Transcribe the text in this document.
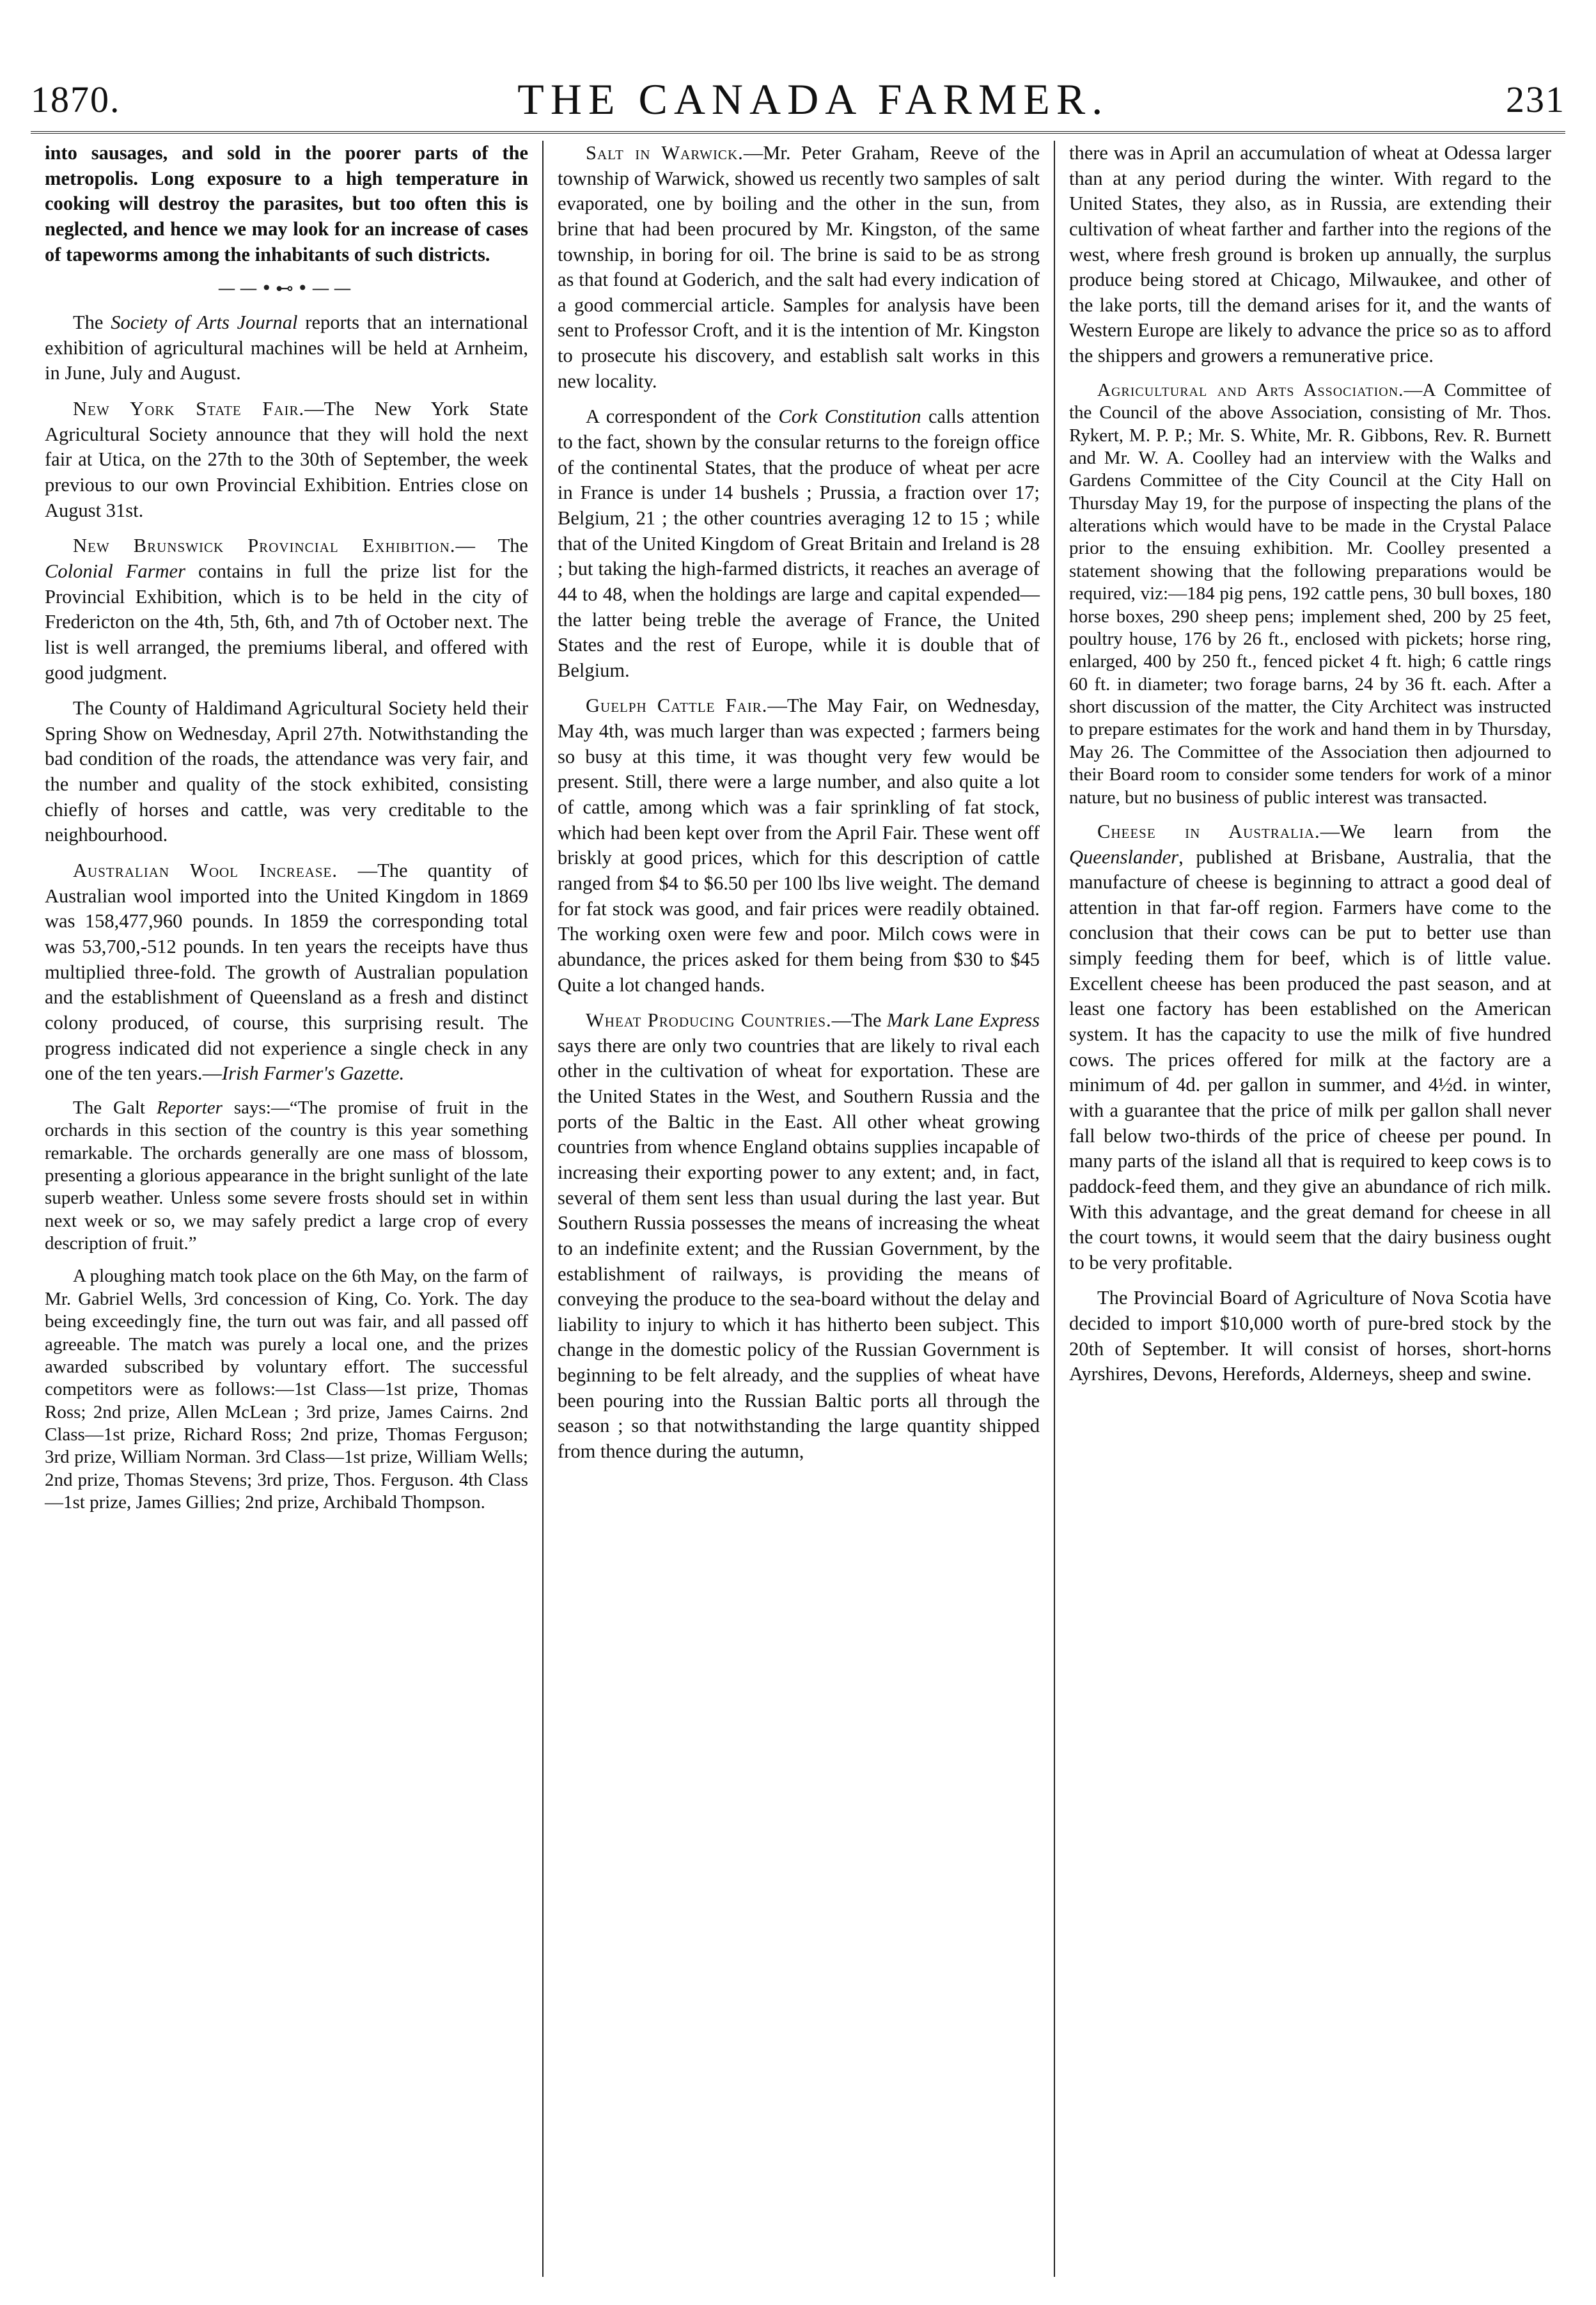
1870.	THE CANADA FARMER.	231

into sausages, and sold in the poorer parts of the metropolis. Long exposure to a high temperature in cooking will destroy the parasites, but too often this is neglected, and hence we may look for an increase of cases of tapeworms among the inhabitants of such districts.

——•⊷•——

The Society of Arts Journal reports that an international exhibition of agricultural machines will be held at Arnheim, in June, July and August.

New York State Fair.—The New York State Agricultural Society announce that they will hold the next fair at Utica, on the 27th to the 30th of September, the week previous to our own Provincial Exhibition. Entries close on August 31st.

New Brunswick Provincial Exhibition.— The Colonial Farmer contains in full the prize list for the Provincial Exhibition, which is to be held in the city of Fredericton on the 4th, 5th, 6th, and 7th of October next. The list is well arranged, the premiums liberal, and offered with good judgment.

The County of Haldimand Agricultural Society held their Spring Show on Wednesday, April 27th. Notwithstanding the bad condition of the roads, the attendance was very fair, and the number and quality of the stock exhibited, consisting chiefly of horses and cattle, was very creditable to the neighbourhood.

Australian Wool Increase. —The quantity of Australian wool imported into the United Kingdom in 1869 was 158,477,960 pounds. In 1859 the corresponding total was 53,700,-512 pounds. In ten years the receipts have thus multiplied three-fold. The growth of Australian population and the establishment of Queensland as a fresh and distinct colony produced, of course, this surprising result. The progress indicated did not experience a single check in any one of the ten years.—Irish Farmer's Gazette.

The Galt Reporter says:—“The promise of fruit in the orchards in this section of the country is this year something remarkable. The orchards generally are one mass of blossom, presenting a glorious appearance in the bright sunlight of the late superb weather. Unless some severe frosts should set in within next week or so, we may safely predict a large crop of every description of fruit.”

A ploughing match took place on the 6th May, on the farm of Mr. Gabriel Wells, 3rd concession of King, Co. York. The day being exceedingly fine, the turn out was fair, and all passed off agreeable. The match was purely a local one, and the prizes awarded subscribed by voluntary effort. The successful competitors were as follows:—1st Class—1st prize, Thomas Ross; 2nd prize, Allen McLean ; 3rd prize, James Cairns. 2nd Class—1st prize, Richard Ross; 2nd prize, Thomas Ferguson; 3rd prize, William Norman. 3rd Class—1st prize, William Wells; 2nd prize, Thomas Stevens; 3rd prize, Thos. Ferguson. 4th Class—1st prize, James Gillies; 2nd prize, Archibald Thompson.

Salt in Warwick.—Mr. Peter Graham, Reeve of the township of Warwick, showed us recently two samples of salt evaporated, one by boiling and the other in the sun, from brine that had been procured by Mr. Kingston, of the same township, in boring for oil. The brine is said to be as strong as that found at Goderich, and the salt had every indication of a good commercial article. Samples for analysis have been sent to Professor Croft, and it is the intention of Mr. Kingston to prosecute his discovery, and establish salt works in this new locality.

A correspondent of the Cork Constitution calls attention to the fact, shown by the consular returns to the foreign office of the continental States, that the produce of wheat per acre in France is under 14 bushels ; Prussia, a fraction over 17; Belgium, 21 ; the other countries averaging 12 to 15 ; while that of the United Kingdom of Great Britain and Ireland is 28 ; but taking the high-farmed districts, it reaches an average of 44 to 48, when the holdings are large and capital expended—the latter being treble the average of France, the United States and the rest of Europe, while it is double that of Belgium.

Guelph Cattle Fair.—The May Fair, on Wednesday, May 4th, was much larger than was expected ; farmers being so busy at this time, it was thought very few would be present. Still, there were a large number, and also quite a lot of cattle, among which was a fair sprinkling of fat stock, which had been kept over from the April Fair. These went off briskly at good prices, which for this description of cattle ranged from $4 to $6.50 per 100 lbs live weight. The demand for fat stock was good, and fair prices were readily obtained. The working oxen were few and poor. Milch cows were in abundance, the prices asked for them being from $30 to $45 Quite a lot changed hands.

Wheat Producing Countries.—The Mark Lane Express says there are only two countries that are likely to rival each other in the cultivation of wheat for exportation. These are the United States in the West, and Southern Russia and the ports of the Baltic in the East. All other wheat growing countries from whence England obtains supplies incapable of increasing their exporting power to any extent; and, in fact, several of them sent less than usual during the last year. But Southern Russia possesses the means of increasing the wheat to an indefinite extent; and the Russian Government, by the establishment of railways, is providing the means of conveying the produce to the sea-board without the delay and liability to injury to which it has hitherto been subject. This change in the domestic policy of the Russian Government is beginning to be felt already, and the supplies of wheat have been pouring into the Russian Baltic ports all through the season ; so that notwithstanding the large quantity shipped from thence during the autumn,

there was in April an accumulation of wheat at Odessa larger than at any period during the winter. With regard to the United States, they also, as in Russia, are extending their cultivation of wheat farther and farther into the regions of the west, where fresh ground is broken up annually, the surplus produce being stored at Chicago, Milwaukee, and other of the lake ports, till the demand arises for it, and the wants of Western Europe are likely to advance the price so as to afford the shippers and growers a remunerative price.

Agricultural and Arts Association.—A Committee of the Council of the above Association, consisting of Mr. Thos. Rykert, M. P. P.; Mr. S. White, Mr. R. Gibbons, Rev. R. Burnett and Mr. W. A. Coolley had an interview with the Walks and Gardens Committee of the City Council at the City Hall on Thursday May 19, for the purpose of inspecting the plans of the alterations which would have to be made in the Crystal Palace prior to the ensuing exhibition. Mr. Coolley presented a statement showing that the following preparations would be required, viz:—184 pig pens, 192 cattle pens, 30 bull boxes, 180 horse boxes, 290 sheep pens; implement shed, 200 by 25 feet, poultry house, 176 by 26 ft., enclosed with pickets; horse ring, enlarged, 400 by 250 ft., fenced picket 4 ft. high; 6 cattle rings 60 ft. in diameter; two forage barns, 24 by 36 ft. each. After a short discussion of the matter, the City Architect was instructed to prepare estimates for the work and hand them in by Thursday, May 26. The Committee of the Association then adjourned to their Board room to consider some tenders for work of a minor nature, but no business of public interest was transacted.

Cheese in Australia.—We learn from the Queenslander, published at Brisbane, Australia, that the manufacture of cheese is beginning to attract a good deal of attention in that far-off region. Farmers have come to the conclusion that their cows can be put to better use than simply feeding them for beef, which is of little value. Excellent cheese has been produced the past season, and at least one factory has been established on the American system. It has the capacity to use the milk of five hundred cows. The prices offered for milk at the factory are a minimum of 4d. per gallon in summer, and 4½d. in winter, with a guarantee that the price of milk per gallon shall never fall below two-thirds of the price of cheese per pound. In many parts of the island all that is required to keep cows is to paddock-feed them, and they give an abundance of rich milk. With this advantage, and the great demand for cheese in all the court towns, it would seem that the dairy business ought to be very profitable.

The Provincial Board of Agriculture of Nova Scotia have decided to import $10,000 worth of pure-bred stock by the 20th of September. It will consist of horses, short-horns Ayrshires, Devons, Herefords, Alderneys, sheep and swine.
